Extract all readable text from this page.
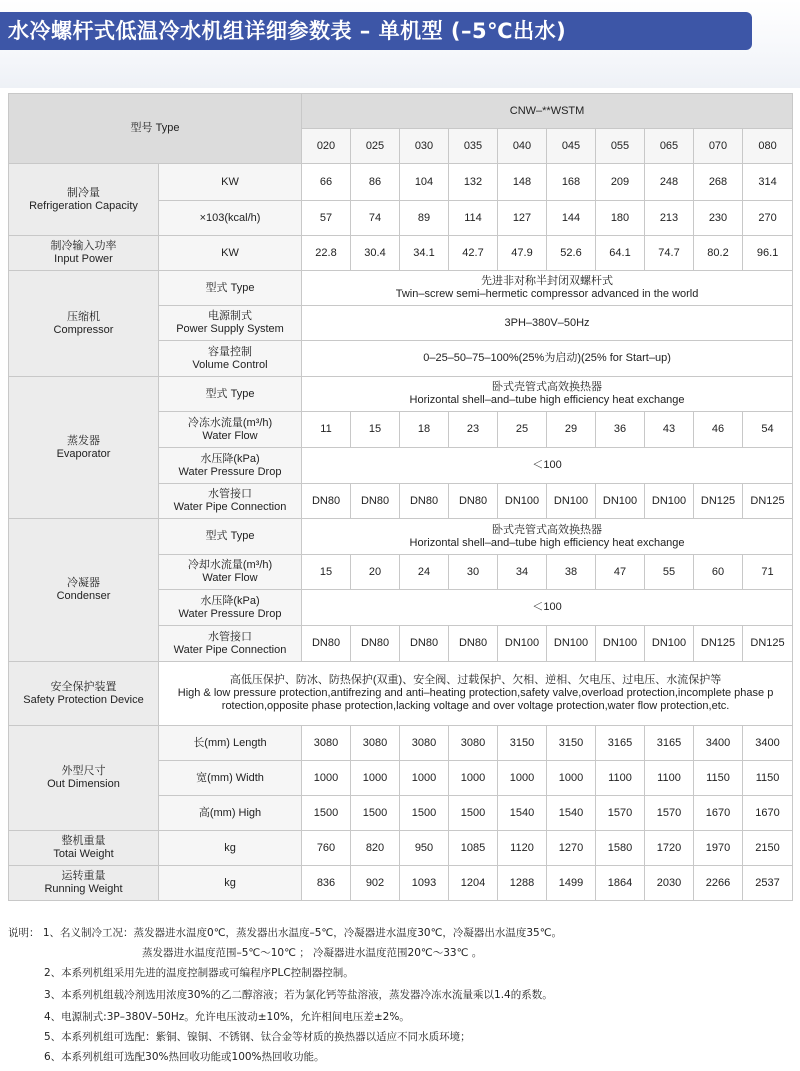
水冷螺杆式低温冷水机组详细参数表 – 单机型 (–5℃出水)
型号 Type		CNW–**WSTM									
		020	025	030	035	040	045	055	065	070	080

制冷量
Refrigeration Capacity	KW	66	86	104	132	148	168	209	248	268	314
	×103(kcal/h)	57	74	89	114	127	144	180	213	230	270

制冷输入功率
Input Power	KW	22.8	30.4	34.1	42.7	47.9	52.6	64.1	74.7	80.2	96.1

压缩机
Compressor	型式 Type	先进非对称半封闭双螺杆式
Twin–screw semi–hermetic compressor advanced in the world									

	电源制式
Power Supply System	3PH–380V–50Hz									

	容量控制
Volume Control	0–25–50–75–100%(25%为启动)(25% for Start–up)									

蒸发器
Evaporator	型式 Type	卧式壳管式高效换热器
Horizontal shell–and–tube high efficiency heat exchange									

	冷冻水流量(m³/h)
Water Flow	11	15	18	23	25	29	36	43	46	54

	水压降(kPa)
Water Pressure Drop	＜100									

	水管接口
Water Pipe Connection	DN80	DN80	DN80	DN80	DN100	DN100	DN100	DN100	DN125	DN125

冷凝器
Condenser	型式 Type	卧式壳管式高效换热器
Horizontal shell–and–tube high efficiency heat exchange									

	冷却水流量(m³/h)
Water Flow	15	20	24	30	34	38	47	55	60	71

	水压降(kPa)
Water Pressure Drop	＜100									

	水管接口
Water Pipe Connection	DN80	DN80	DN80	DN80	DN100	DN100	DN100	DN100	DN125	DN125

安全保护装置
Safety Protection Device	高低压保护、防冰、防热保护(双重)、安全阀、过载保护、欠相、逆相、欠电压、过电压、水流保护等
High & low pressure protection,antifrezing and anti–heating protection,safety valve,overload protection,incomplete phase p
rotection,opposite phase protection,lacking voltage and over voltage protection,water flow protection,etc.										

外型尺寸
Out Dimension	长(mm) Length	3080	3080	3080	3080	3150	3150	3165	3165	3400	3400
	宽(mm) Width	1000	1000	1000	1000	1000	1000	1100	1100	1150	1150
	高(mm) High	1500	1500	1500	1500	1540	1540	1570	1570	1670	1670

整机重量
Totai Weight	kg	760	820	950	1085	1120	1270	1580	1720	1970	2150

运转重量
Running Weight	kg	836	902	1093	1204	1288	1499	1864	2030	2266	2537
说明： 1、名义制冷工况：蒸发器进水温度0℃，蒸发器出水温度–5℃，冷凝器进水温度30℃，冷凝器出水温度35℃。
蒸发器进水温度范围–5℃～10℃ ； 冷凝器进水温度范围20℃～33℃ 。
2、本系列机组采用先进的温度控制器或可编程序PLC控制器控制。
3、本系列机组载冷剂选用浓度30%的乙二醇溶液；若为氯化钙等盐溶液，蒸发器冷冻水流量乘以1.4的系数。
4、电源制式:3P–380V–50Hz。允许电压波动±10%，允许相间电压差±2%。
5、本系列机组可选配：紫铜、镍铜、不锈钢、钛合金等材质的换热器以适应不同水质环境；
6、本系列机组可选配30%热回收功能或100%热回收功能。
